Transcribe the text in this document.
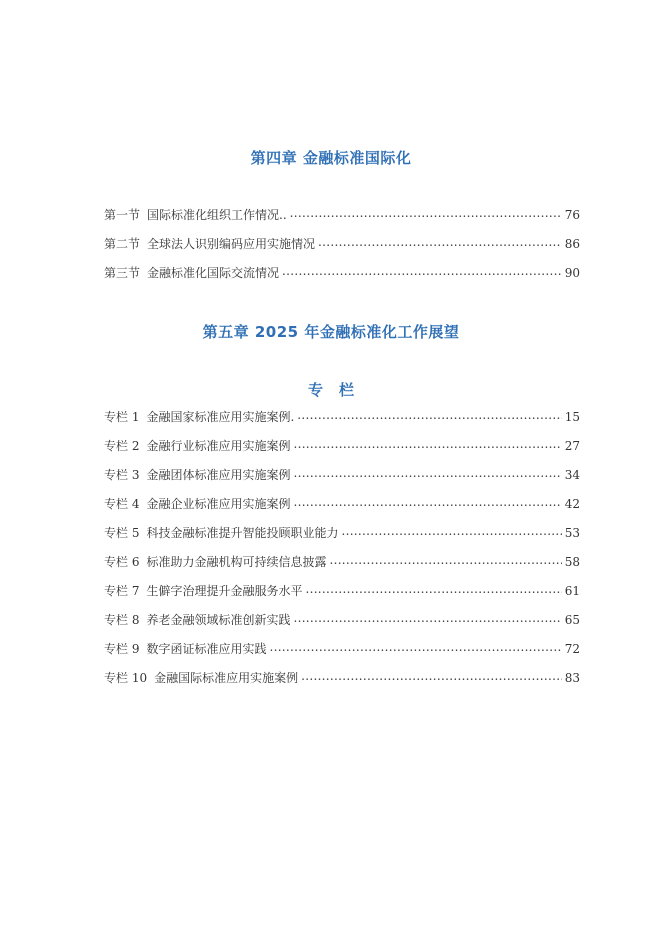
第四章 金融标准国际化
第一节 国际标准化组织工作情况.. .....	76
第二节 全球法人识别编码应用实施情况 .....	86
第三节 金融标准化国际交流情况 .....	90
第五章 2025 年金融标准化工作展望
专栏
专栏 1 金融国家标准应用实施案例. .....	15
专栏 2 金融行业标准应用实施案例 .....	27
专栏 3 金融团体标准应用实施案例 .....	34
专栏 4 金融企业标准应用实施案例 .....	42
专栏 5 科技金融标准提升智能投顾职业能力 .....	53
专栏 6 标准助力金融机构可持续信息披露 .....	58
专栏 7 生僻字治理提升金融服务水平 .....	61
专栏 8 养老金融领域标准创新实践 .....	65
专栏 9 数字函证标准应用实践 .....	72
专栏 10 金融国际标准应用实施案例 .....	83
